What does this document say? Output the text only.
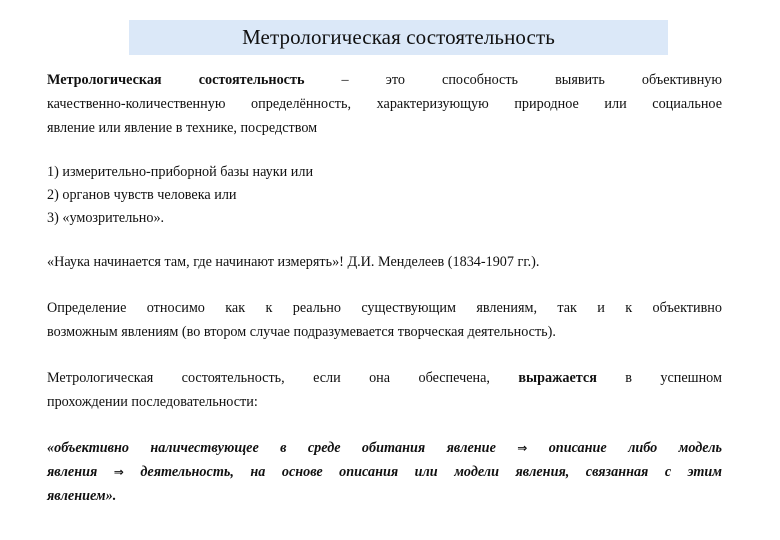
Метрологическая состоятельность
Метрологическая состоятельность – это способность выявить объективную
качественно-количественную определённость, характеризующую природное или социальное
явление или явление в технике, посредством
1) измерительно-приборной базы науки или
2) органов чувств человека или
3) «умозрительно».
«Наука начинается там, где начинают измерять»! Д.И. Менделеев (1834-1907 гг.).
Определение относимо как к реально существующим явлениям, так и к объективно
возможным явлениям (во втором случае подразумевается творческая деятельность).
Метрологическая состоятельность, если она обеспечена, выражается в успешном
прохождении последовательности:
«объективно наличествующее в среде обитания явление ⇒ описание либо модель
явления ⇒ деятельность, на основе описания или модели явления, связанная с этим
явлением».
